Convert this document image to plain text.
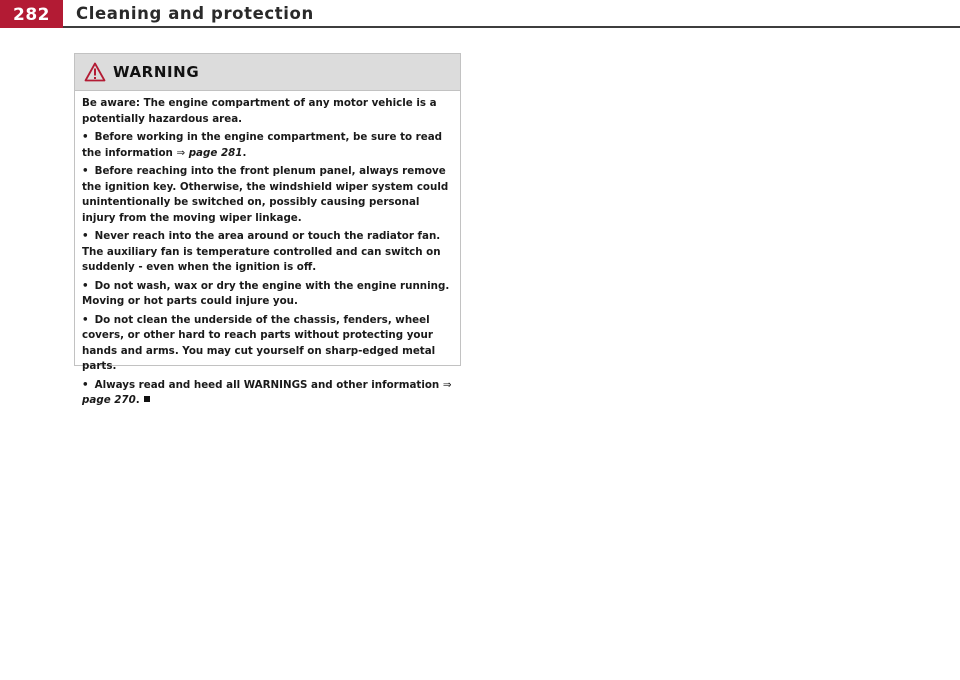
282	Cleaning and protection
WARNING

Be aware: The engine compartment of any motor vehicle is a potentially hazardous area.

• Before working in the engine compartment, be sure to read the information ⇒ page 281.

• Before reaching into the front plenum panel, always remove the ignition key. Otherwise, the windshield wiper system could unintentionally be switched on, possibly causing personal injury from the moving wiper linkage.

• Never reach into the area around or touch the radiator fan. The auxiliary fan is temperature controlled and can switch on suddenly - even when the ignition is off.

• Do not wash, wax or dry the engine with the engine running. Moving or hot parts could injure you.

• Do not clean the underside of the chassis, fenders, wheel covers, or other hard to reach parts without protecting your hands and arms. You may cut yourself on sharp-edged metal parts.

• Always read and heed all WARNINGS and other information ⇒ page 270.
